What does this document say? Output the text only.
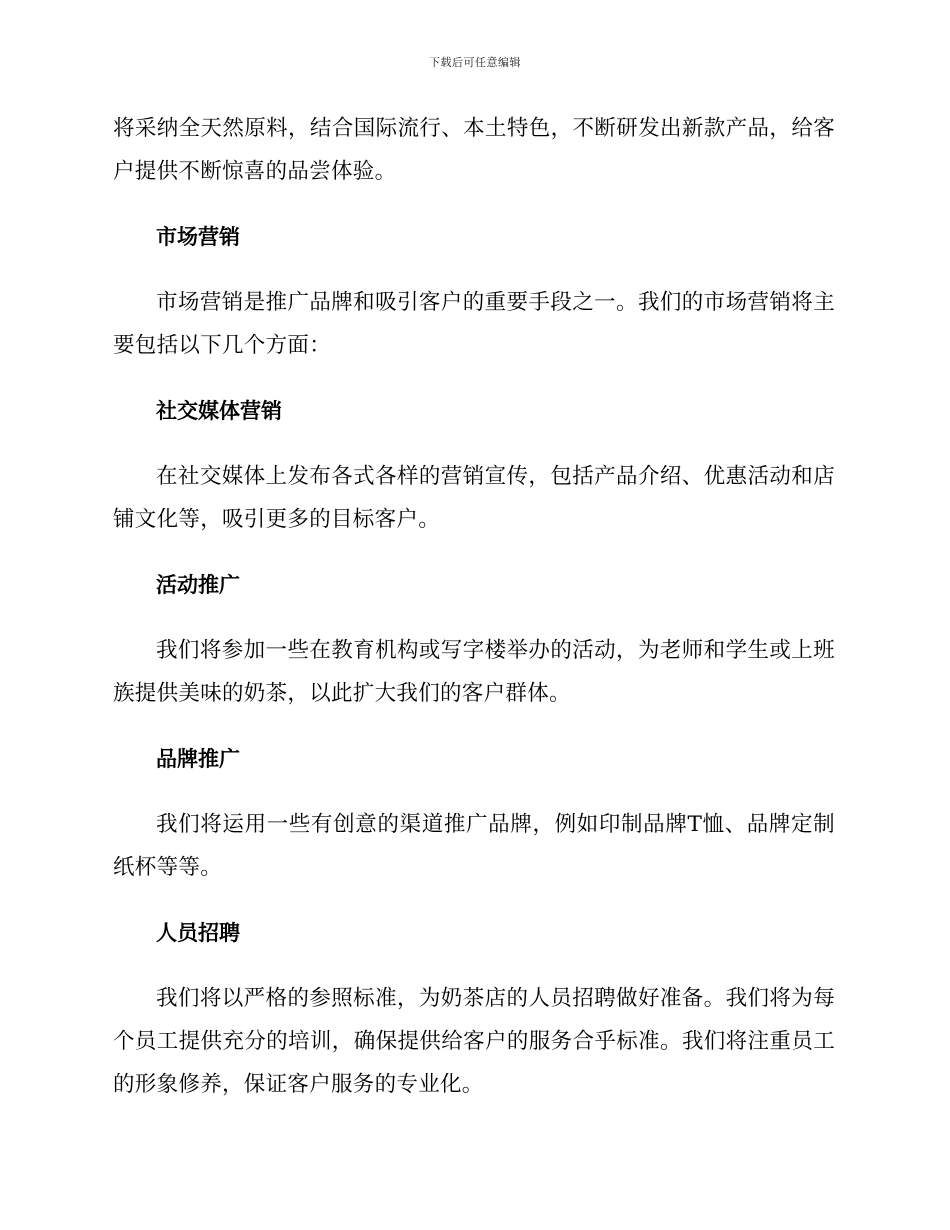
下载后可任意编辑

将采纳全天然原料，结合国际流行、本土特色，不断研发出新款产品，给客户提供不断惊喜的品尝体验。

市场营销

市场营销是推广品牌和吸引客户的重要手段之一。我们的市场营销将主要包括以下几个方面：

社交媒体营销

在社交媒体上发布各式各样的营销宣传，包括产品介绍、优惠活动和店铺文化等，吸引更多的目标客户。

活动推广

我们将参加一些在教育机构或写字楼举办的活动，为老师和学生或上班族提供美味的奶茶，以此扩大我们的客户群体。

品牌推广

我们将运用一些有创意的渠道推广品牌，例如印制品牌T恤、品牌定制纸杯等等。

人员招聘

我们将以严格的参照标准，为奶茶店的人员招聘做好准备。我们将为每个员工提供充分的培训，确保提供给客户的服务合乎标准。我们将注重员工的形象修养，保证客户服务的专业化。
